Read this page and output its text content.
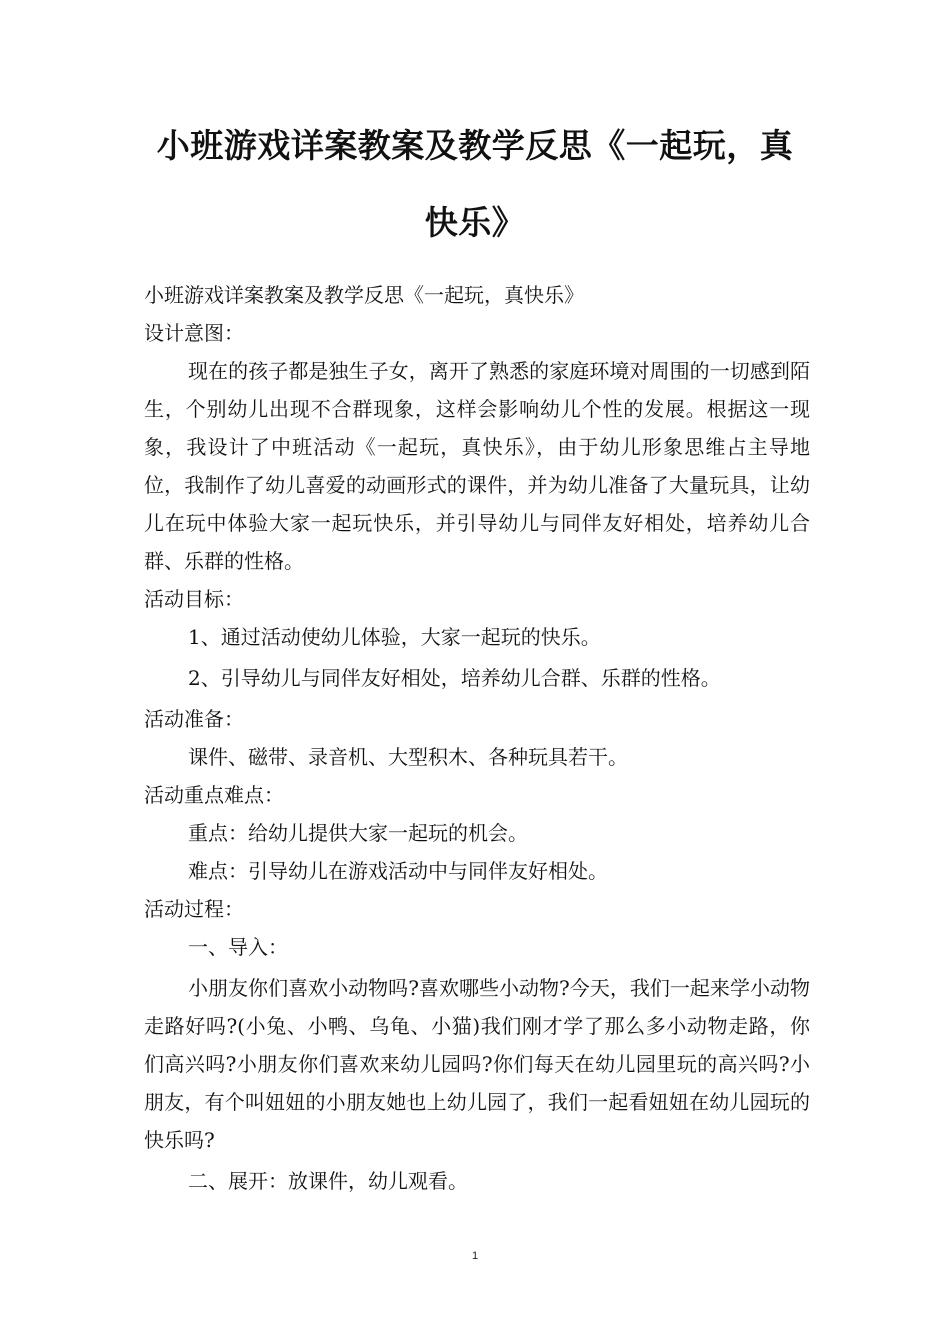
小班游戏详案教案及教学反思《一起玩，真
快乐》

小班游戏详案教案及教学反思《一起玩，真快乐》

设计意图：

现在的孩子都是独生子女，离开了熟悉的家庭环境对周围的一切感到陌生，个别幼儿出现不合群现象，这样会影响幼儿个性的发展。根据这一现象，我设计了中班活动《一起玩，真快乐》，由于幼儿形象思维占主导地位，我制作了幼儿喜爱的动画形式的课件，并为幼儿准备了大量玩具，让幼儿在玩中体验大家一起玩快乐，并引导幼儿与同伴友好相处，培养幼儿合群、乐群的性格。

活动目标：

1、通过活动使幼儿体验，大家一起玩的快乐。

2、引导幼儿与同伴友好相处，培养幼儿合群、乐群的性格。

活动准备：

课件、磁带、录音机、大型积木、各种玩具若干。

活动重点难点：

重点：给幼儿提供大家一起玩的机会。

难点：引导幼儿在游戏活动中与同伴友好相处。

活动过程：

一、导入：

小朋友你们喜欢小动物吗?喜欢哪些小动物?今天，我们一起来学小动物走路好吗?(小兔、小鸭、乌龟、小猫)我们刚才学了那么多小动物走路，你们高兴吗?小朋友你们喜欢来幼儿园吗?你们每天在幼儿园里玩的高兴吗?小朋友，有个叫妞妞的小朋友她也上幼儿园了，我们一起看妞妞在幼儿园玩的快乐吗?

二、展开：放课件，幼儿观看。

1
